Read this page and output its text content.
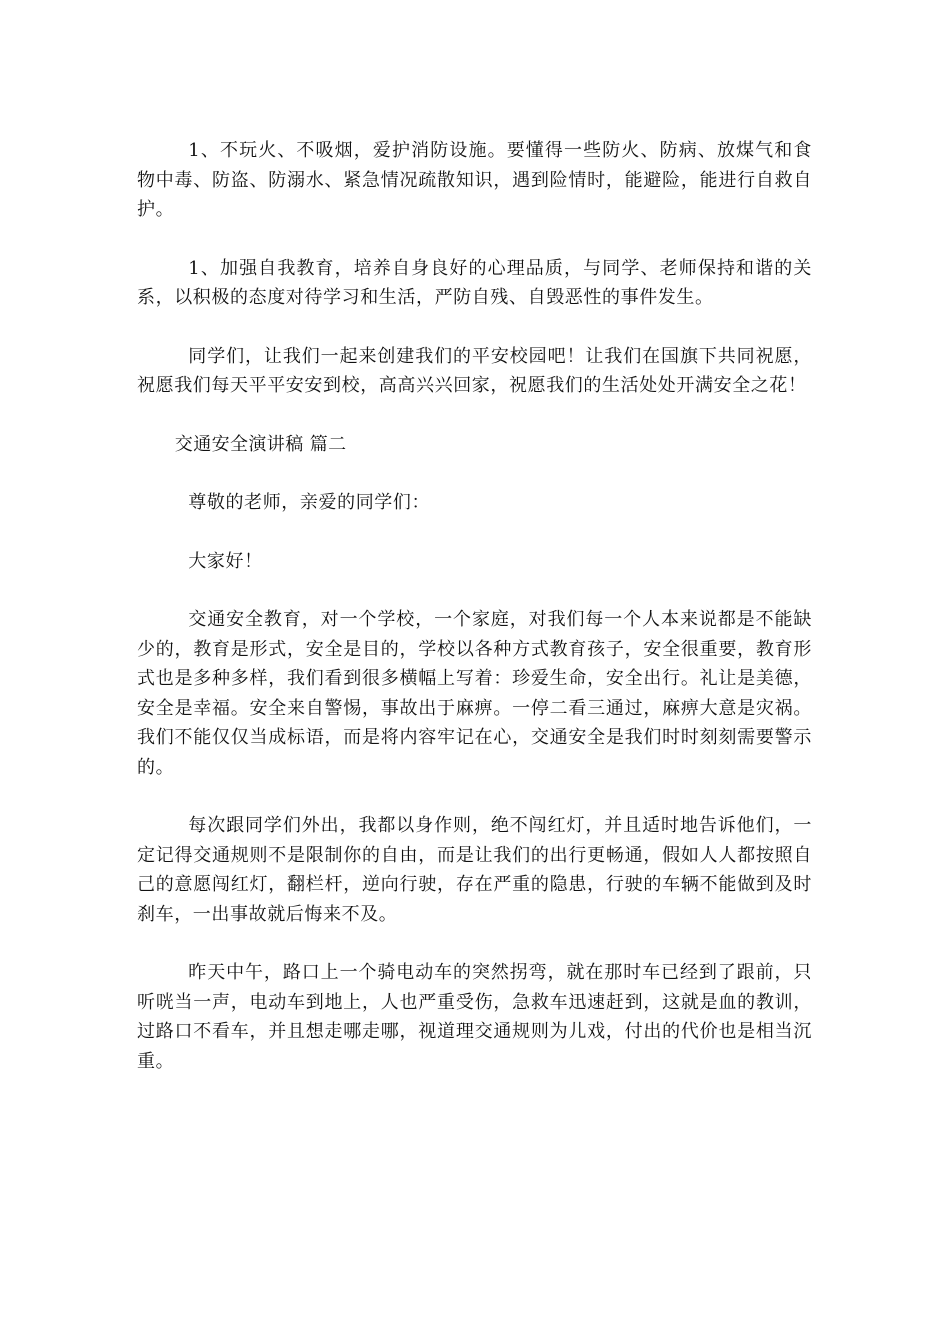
1、不玩火、不吸烟，爱护消防设施。要懂得一些防火、防病、放煤气和食物中毒、防盗、防溺水、紧急情况疏散知识，遇到险情时，能避险，能进行自救自护。

1、加强自我教育，培养自身良好的心理品质，与同学、老师保持和谐的关系，以积极的态度对待学习和生活，严防自残、自毁恶性的事件发生。

同学们，让我们一起来创建我们的平安校园吧！让我们在国旗下共同祝愿，祝愿我们每天平平安安到校，高高兴兴回家，祝愿我们的生活处处开满安全之花！

交通安全演讲稿 篇二

尊敬的老师，亲爱的同学们：

大家好！

交通安全教育，对一个学校，一个家庭，对我们每一个人本来说都是不能缺少的，教育是形式，安全是目的，学校以各种方式教育孩子，安全很重要，教育形式也是多种多样，我们看到很多横幅上写着：珍爱生命，安全出行。礼让是美德，安全是幸福。安全来自警惕，事故出于麻痹。一停二看三通过，麻痹大意是灾祸。我们不能仅仅当成标语，而是将内容牢记在心，交通安全是我们时时刻刻需要警示的。

每次跟同学们外出，我都以身作则，绝不闯红灯，并且适时地告诉他们，一定记得交通规则不是限制你的自由，而是让我们的出行更畅通，假如人人都按照自己的意愿闯红灯，翻栏杆，逆向行驶，存在严重的隐患，行驶的车辆不能做到及时刹车，一出事故就后悔来不及。

昨天中午，路口上一个骑电动车的突然拐弯，就在那时车已经到了跟前，只听咣当一声，电动车到地上，人也严重受伤，急救车迅速赶到，这就是血的教训，过路口不看车，并且想走哪走哪，视道理交通规则为儿戏，付出的代价也是相当沉重。
